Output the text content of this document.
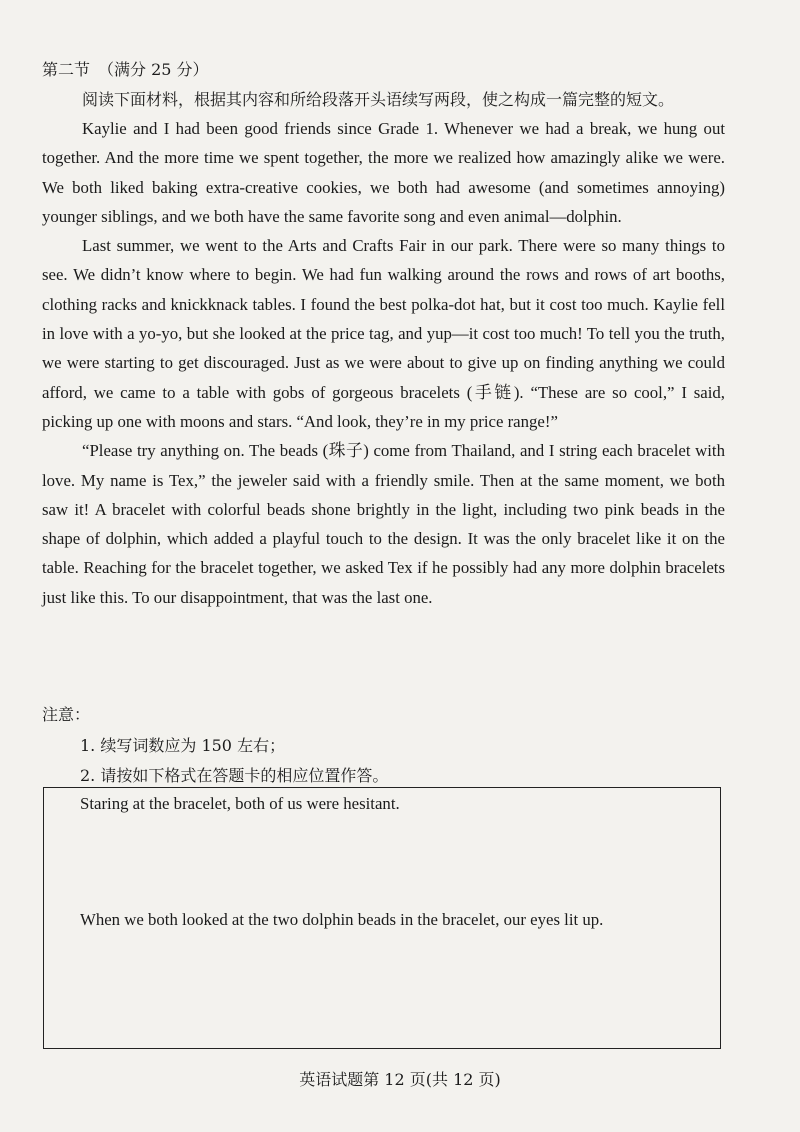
第二节 （满分 25 分）
阅读下面材料，根据其内容和所给段落开头语续写两段，使之构成一篇完整的短文。

Kaylie and I had been good friends since Grade 1. Whenever we had a break, we hung out together. And the more time we spent together, the more we realized how amazingly alike we were. We both liked baking extra-creative cookies, we both had awesome (and sometimes annoying) younger siblings, and we both have the same favorite song and even animal—dolphin.

Last summer, we went to the Arts and Crafts Fair in our park. There were so many things to see. We didn’t know where to begin. We had fun walking around the rows and rows of art booths, clothing racks and knickknack tables. I found the best polka-dot hat, but it cost too much. Kaylie fell in love with a yo-yo, but she looked at the price tag, and yup—it cost too much! To tell you the truth, we were starting to get discouraged. Just as we were about to give up on finding anything we could afford, we came to a table with gobs of gorgeous bracelets (手链). “These are so cool,” I said, picking up one with moons and stars. “And look, they’re in my price range!”

“Please try anything on. The beads (珠子) come from Thailand, and I string each bracelet with love. My name is Tex,” the jeweler said with a friendly smile. Then at the same moment, we both saw it! A bracelet with colorful beads shone brightly in the light, including two pink beads in the shape of dolphin, which added a playful touch to the design. It was the only bracelet like it on the table. Reaching for the bracelet together, we asked Tex if he possibly had any more dolphin bracelets just like this. To our disappointment, that was the last one.

注意：
1. 续写词数应为 150 左右；
2. 请按如下格式在答题卡的相应位置作答。
Staring at the bracelet, both of us were hesitant.
When we both looked at the two dolphin beads in the bracelet, our eyes lit up.
英语试题第 12 页(共 12 页)
